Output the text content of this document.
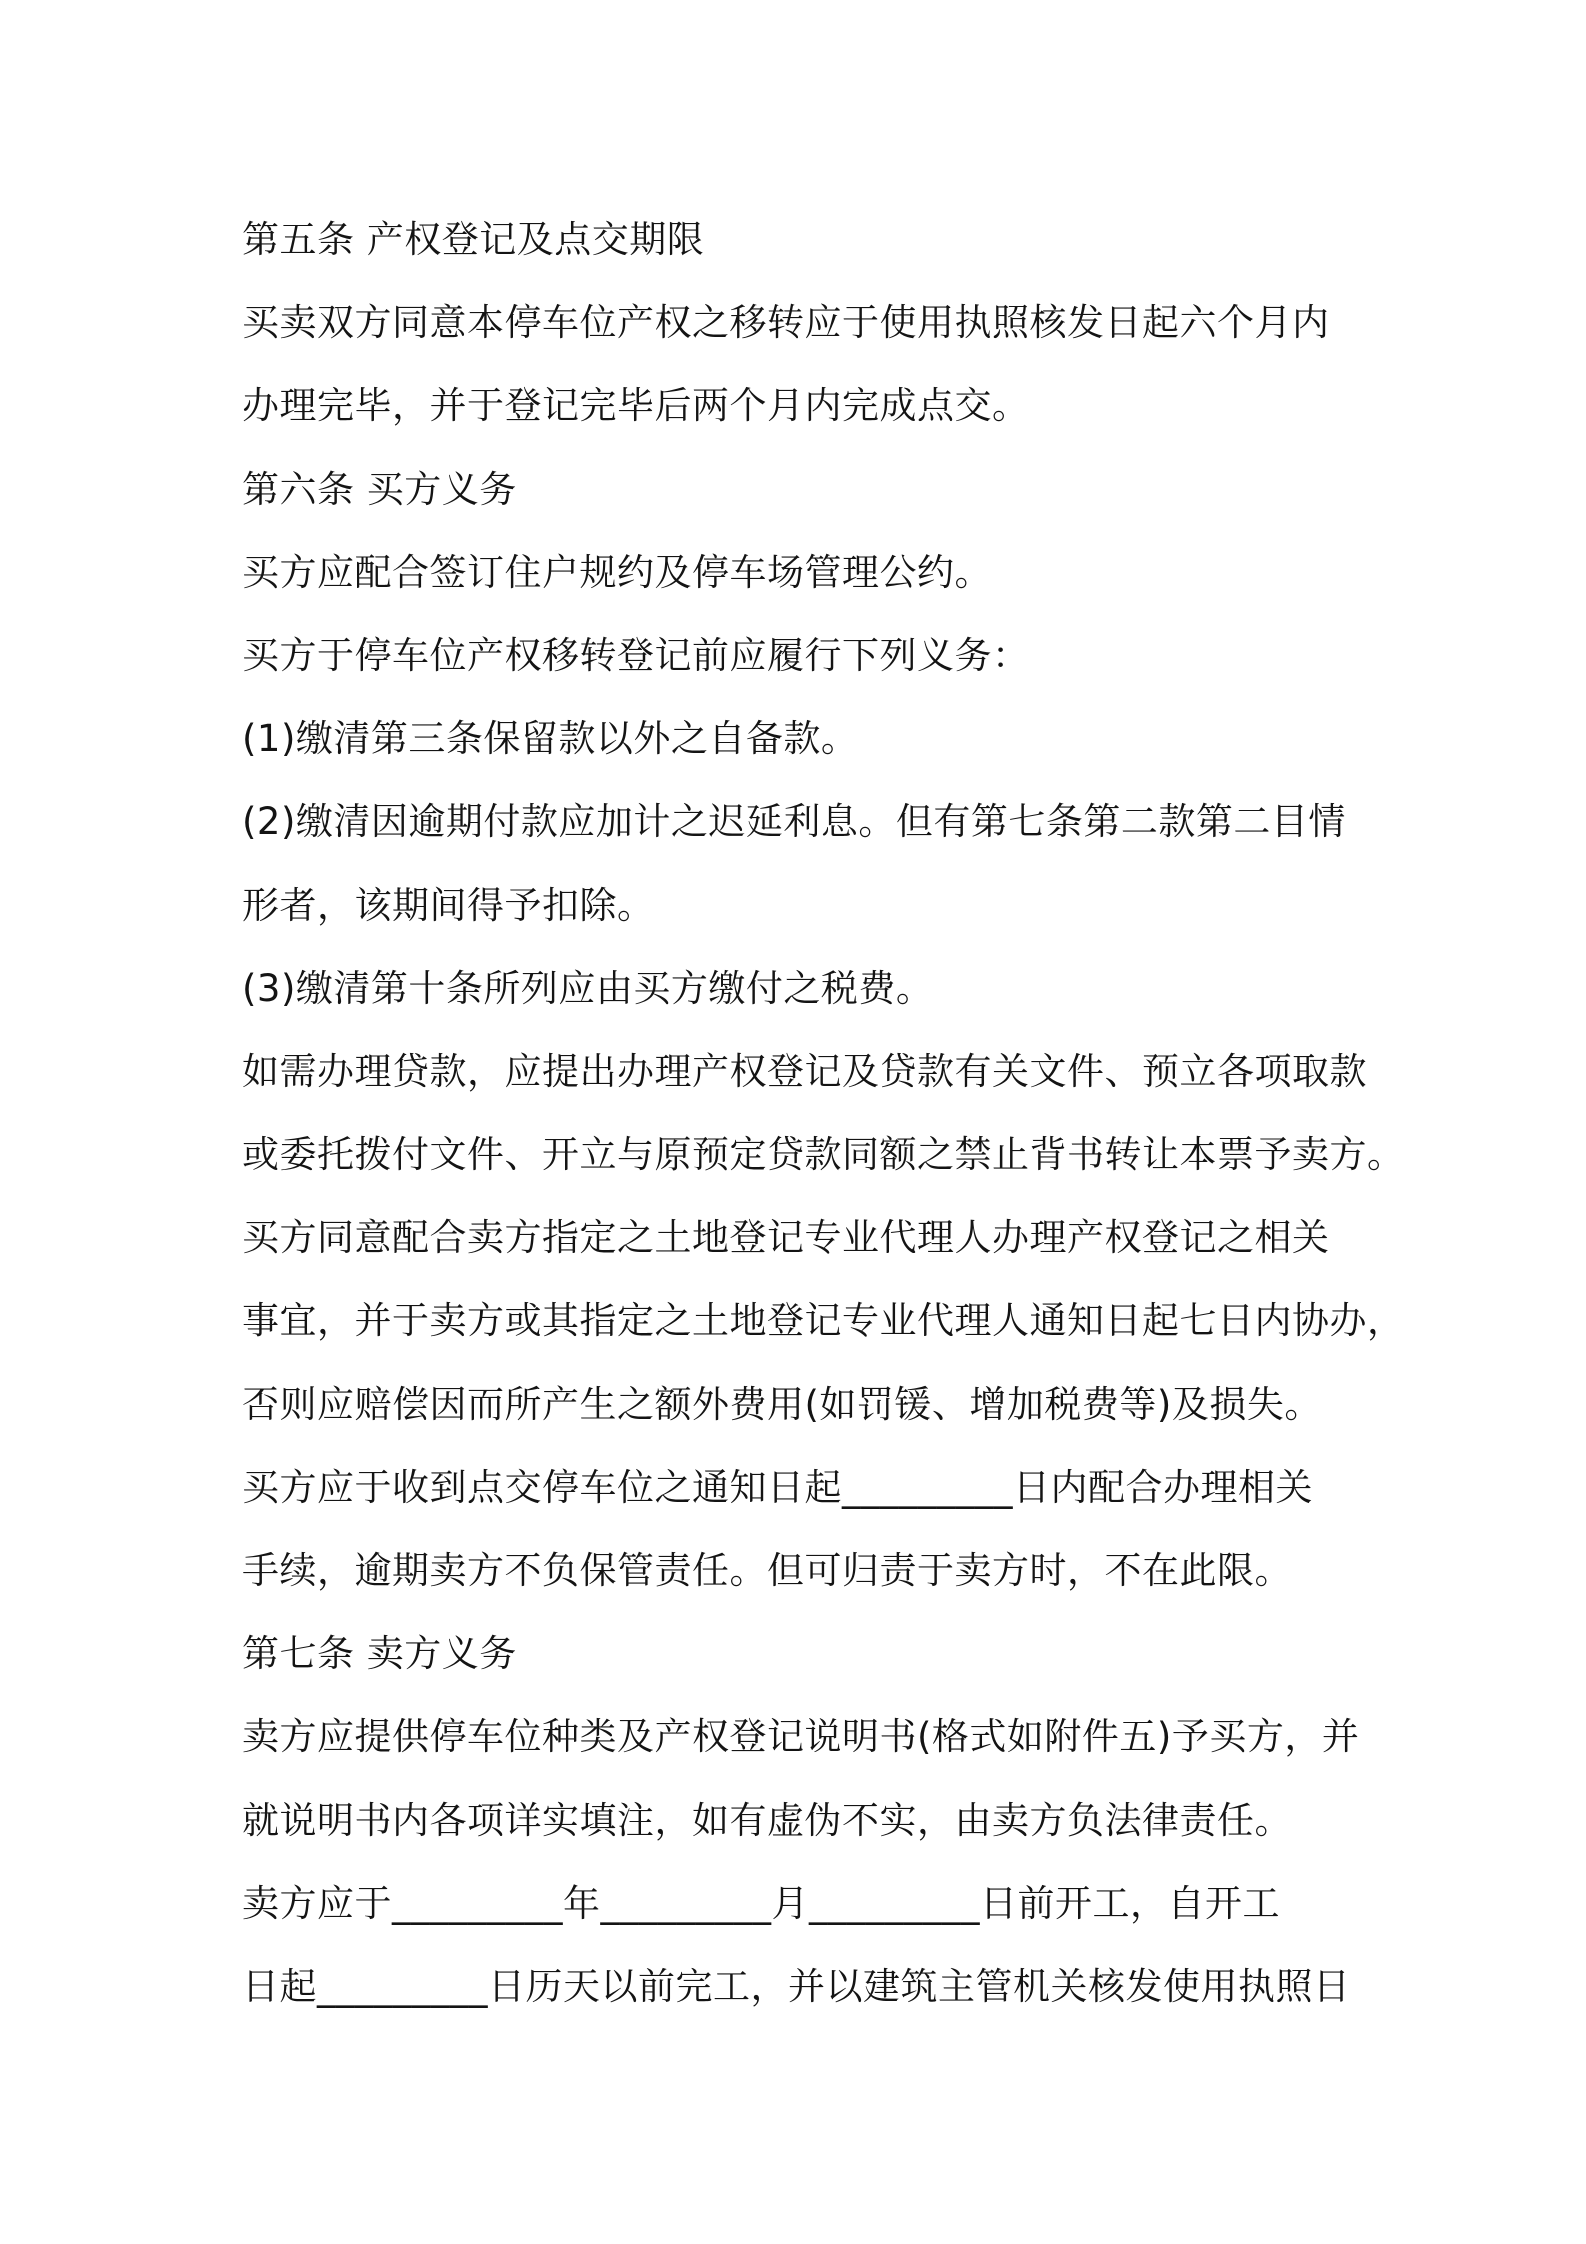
第五条 产权登记及点交期限
买卖双方同意本停车位产权之移转应于使用执照核发日起六个月内
办理完毕，并于登记完毕后两个月内完成点交。
第六条 买方义务
买方应配合签订住户规约及停车场管理公约。
买方于停车位产权移转登记前应履行下列义务：
(1)缴清第三条保留款以外之自备款。
(2)缴清因逾期付款应加计之迟延利息。但有第七条第二款第二目情
形者，该期间得予扣除。
(3)缴清第十条所列应由买方缴付之税费。
如需办理贷款，应提出办理产权登记及贷款有关文件、预立各项取款
或委托拨付文件、开立与原预定贷款同额之禁止背书转让本票予卖方。
买方同意配合卖方指定之土地登记专业代理人办理产权登记之相关
事宜，并于卖方或其指定之土地登记专业代理人通知日起七日内协办，
否则应赔偿因而所产生之额外费用(如罚锾、增加税费等)及损失。
买方应于收到点交停车位之通知日起_________日内配合办理相关
手续，逾期卖方不负保管责任。但可归责于卖方时，不在此限。
第七条 卖方义务
卖方应提供停车位种类及产权登记说明书(格式如附件五)予买方，并
就说明书内各项详实填注，如有虚伪不实，由卖方负法律责任。
卖方应于_________年_________月_________日前开工，自开工
日起_________日历天以前完工，并以建筑主管机关核发使用执照日
